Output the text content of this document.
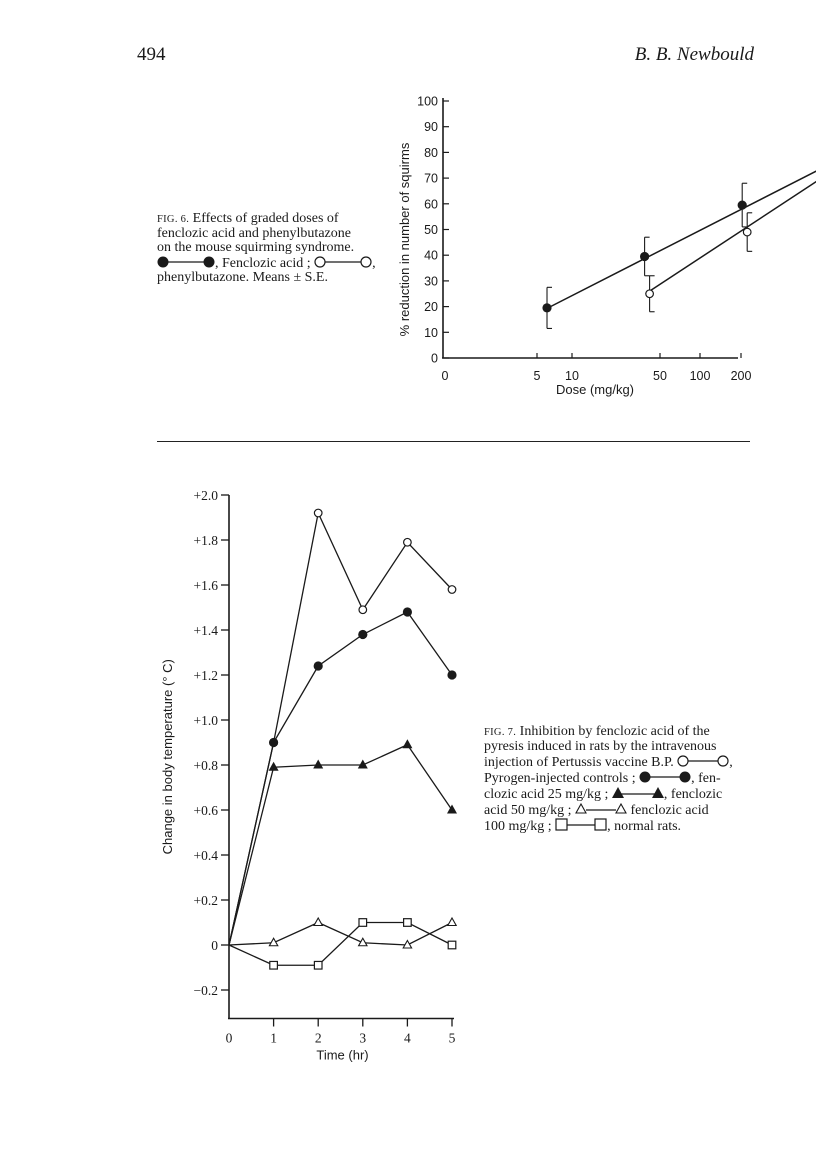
494	B. B. Newbould
0
10
20
30
40
50
60
70
80
90
100
0	5 10	50 100 200
Dose (mg/kg)
% reduction in number of squirms
FIG. 6. Effects of graded doses of
fenclozic acid and phenylbutazone
on the mouse squirming syndrome.
, Fenclozic acid ;	,
phenylbutazone. Means ± S.E.
−0.2
0
+0.2
+0.4
+0.6
+0.8
+1.0
+1.2
+1.4
+1.6
+1.8
+2.0
0	1	2	3	4	5
Time (hr)
Change in body temperature (° C)	FIG. 7. Inhibition by fenclozic acid of the
pyresis induced in rats by the intravenous
injection of Pertussis vaccine B.P.	,
Pyrogen-injected controls ;	, fen-
clozic acid 25 mg/kg ;	, fenclozic
acid 50 mg/kg ;	fenclozic acid
100 mg/kg ;	, normal rats.
